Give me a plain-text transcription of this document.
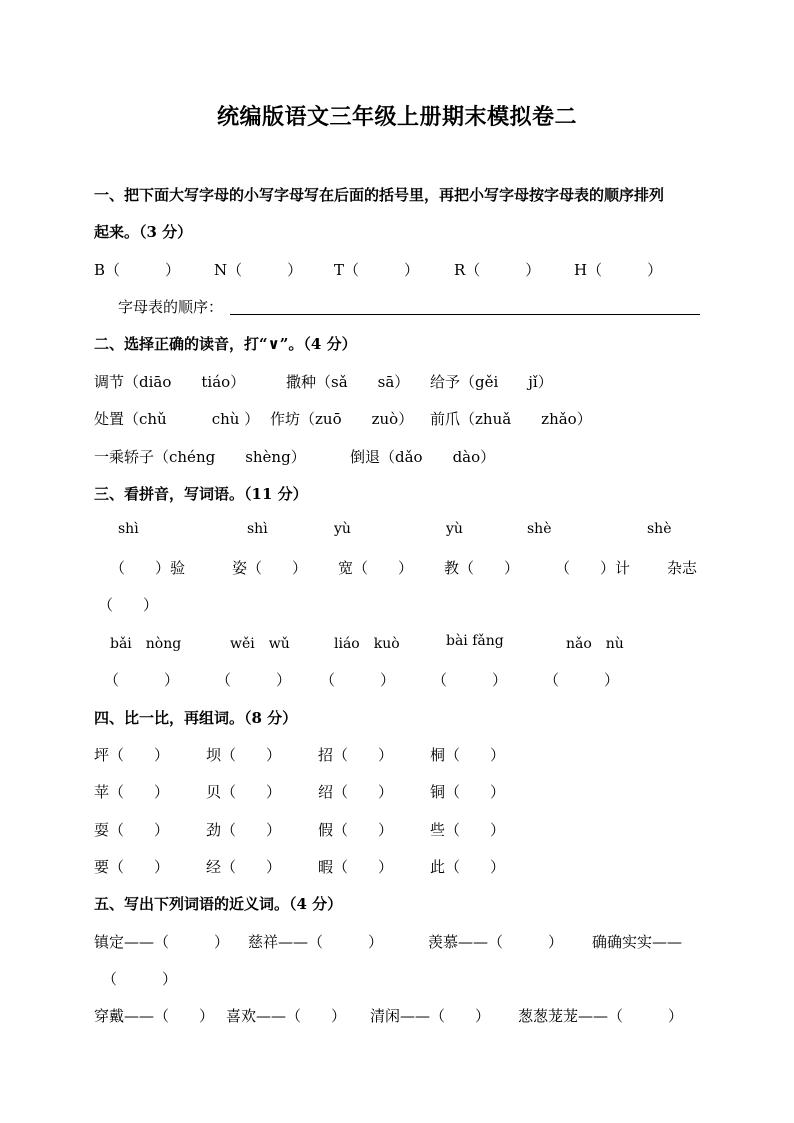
统编版语文三年级上册期末模拟卷二
一、把下面大写字母的小写字母写在后面的括号里，再把小写字母按字母表的顺序排列
起来。（3 分）
B（　　　） N（　　　） T（　　　） R（　　　） H（　　　）
字母表的顺序：
二、选择正确的读音，打“∨”。（4 分）
调节（diāo　　tiáo）	撒种（sǎ　　sā） 给予（gěi　　jǐ）
处置（chǔ　　　chù ） 作坊（zuō　　zuò） 前爪（zhuǎ　　zhǎo）
一乘轿子（chéng　　shèng）	倒退（dǎo　　dào）
三、看拼音，写词语。（11 分）
shì	shì	yù	yù	shè	shè
（　　）验	姿（　　） 宽（　　） 教（　　） （　　）计 杂志
（　　）
bǎi　nòng	wěi　wǔ	liáo　kuò	bài fǎng	nǎo　nù
（　　　） （　　　） （　　　） （　　　） （　　　）
四、比一比，再组词。（8 分）
坪（　　） 坝（　　） 招（　　） 桐（　　）
苹（　　） 贝（　　） 绍（　　） 铜（　　）
耍（　　） 劲（　　） 假（　　） 些（　　）
要（　　） 经（　　） 暇（　　） 此（　　）
五、写出下列词语的近义词。（4 分）
镇定——（　　　） 慈祥——（　　　）	羡慕——（　　　） 确确实实——
（　　　）
穿戴——（　　） 喜欢——（　　） 清闲——（　　） 葱葱茏茏——（　　　）
